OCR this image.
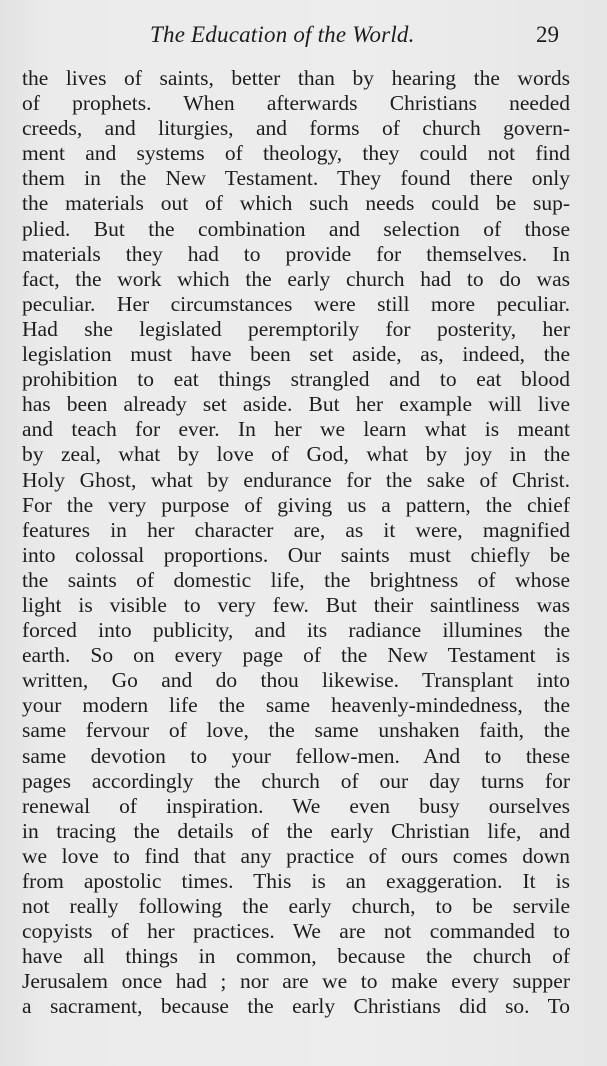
The Education of the World.	29
the lives of saints, better than by hearing the words
of prophets. When afterwards Christians needed
creeds, and liturgies, and forms of church govern-
ment and systems of theology, they could not find
them in the New Testament. They found there only
the materials out of which such needs could be sup-
plied. But the combination and selection of those
materials they had to provide for themselves. In
fact, the work which the early church had to do was
peculiar. Her circumstances were still more peculiar.
Had she legislated peremptorily for posterity, her
legislation must have been set aside, as, indeed, the
prohibition to eat things strangled and to eat blood
has been already set aside. But her example will live
and teach for ever. In her we learn what is meant
by zeal, what by love of God, what by joy in the
Holy Ghost, what by endurance for the sake of Christ.
For the very purpose of giving us a pattern, the chief
features in her character are, as it were, magnified
into colossal proportions. Our saints must chiefly be
the saints of domestic life, the brightness of whose
light is visible to very few. But their saintliness was
forced into publicity, and its radiance illumines the
earth. So on every page of the New Testament is
written, Go and do thou likewise. Transplant into
your modern life the same heavenly-mindedness, the
same fervour of love, the same unshaken faith, the
same devotion to your fellow-men. And to these
pages accordingly the church of our day turns for
renewal of inspiration. We even busy ourselves
in tracing the details of the early Christian life, and
we love to find that any practice of ours comes down
from apostolic times. This is an exaggeration. It is
not really following the early church, to be servile
copyists of her practices. We are not commanded to
have all things in common, because the church of
Jerusalem once had ; nor are we to make every supper
a sacrament, because the early Christians did so. To
